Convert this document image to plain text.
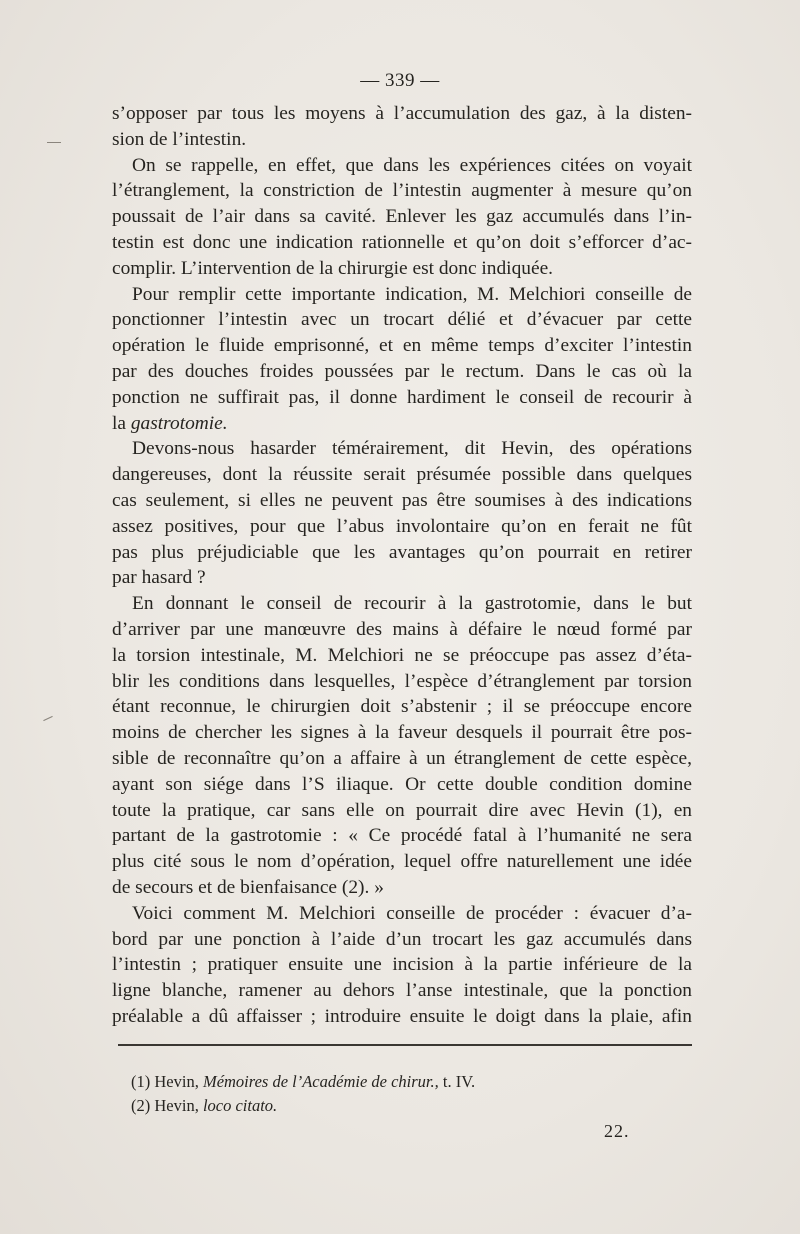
— 339 —
s’opposer par tous les moyens à l’accumulation des gaz, à la disten-
sion de l’intestin.
On se rappelle, en effet, que dans les expériences citées on voyait
l’étranglement, la constriction de l’intestin augmenter à mesure qu’on
poussait de l’air dans sa cavité. Enlever les gaz accumulés dans l’in-
testin est donc une indication rationnelle et qu’on doit s’efforcer d’ac-
complir. L’intervention de la chirurgie est donc indiquée.
Pour remplir cette importante indication, M. Melchiori conseille de
ponctionner l’intestin avec un trocart délié et d’évacuer par cette
opération le fluide emprisonné, et en même temps d’exciter l’intestin
par des douches froides poussées par le rectum. Dans le cas où la
ponction ne suffirait pas, il donne hardiment le conseil de recourir à
la gastrotomie.
Devons-nous hasarder témérairement, dit Hevin, des opérations
dangereuses, dont la réussite serait présumée possible dans quelques
cas seulement, si elles ne peuvent pas être soumises à des indications
assez positives, pour que l’abus involontaire qu’on en ferait ne fût
pas plus préjudiciable que les avantages qu’on pourrait en retirer
par hasard ?
En donnant le conseil de recourir à la gastrotomie, dans le but
d’arriver par une manœuvre des mains à défaire le nœud formé par
la torsion intestinale, M. Melchiori ne se préoccupe pas assez d’éta-
blir les conditions dans lesquelles, l’espèce d’étranglement par torsion
étant reconnue, le chirurgien doit s’abstenir ; il se préoccupe encore
moins de chercher les signes à la faveur desquels il pourrait être pos-
sible de reconnaître qu’on a affaire à un étranglement de cette espèce,
ayant son siége dans l’S iliaque. Or cette double condition domine
toute la pratique, car sans elle on pourrait dire avec Hevin (1), en
partant de la gastrotomie : « Ce procédé fatal à l’humanité ne sera
plus cité sous le nom d’opération, lequel offre naturellement une idée
de secours et de bienfaisance (2). »
Voici comment M. Melchiori conseille de procéder : évacuer d’a-
bord par une ponction à l’aide d’un trocart les gaz accumulés dans
l’intestin ; pratiquer ensuite une incision à la partie inférieure de la
ligne blanche, ramener au dehors l’anse intestinale, que la ponction
préalable a dû affaisser ; introduire ensuite le doigt dans la plaie, afin
(1) Hevin, Mémoires de l’Académie de chirur., t. IV.
(2) Hevin, loco citato.
22.
